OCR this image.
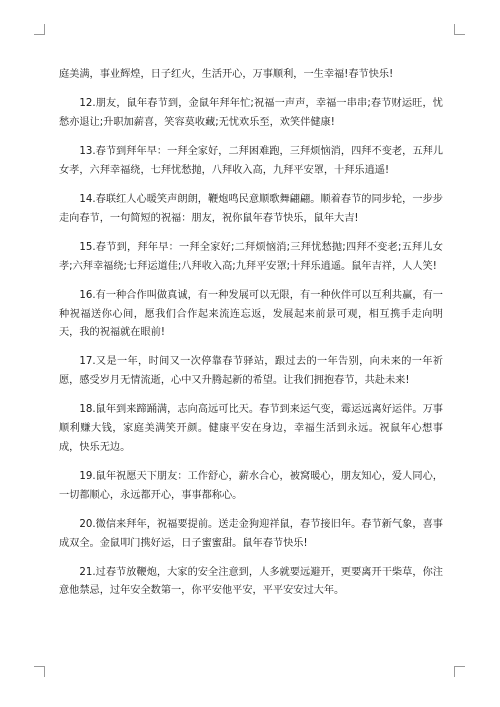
庭美满，事业辉煌，日子红火，生活开心，万事顺利，一生幸福!春节快乐!

12.朋友，鼠年春节到，金鼠年拜年忙;祝福一声声，幸福一串串;春节财运旺，忧愁亦退让;升职加薪喜，笑容莫收藏;无忧欢乐至，欢笑伴健康!

13.春节到拜年早：一拜全家好，二拜困难跑，三拜烦恼消，四拜不变老，五拜儿女孝，六拜幸福绕，七拜忧愁抛，八拜收入高，九拜平安罩，十拜乐逍遥!

14.春联红人心暖笑声朗朗，鞭炮鸣民意顺歌舞翩翩。顺着春节的同步轮，一步步走向春节，一句简短的祝福：朋友，祝你鼠年春节快乐，鼠年大吉!

15.春节到，拜年早：一拜全家好;二拜烦恼消;三拜忧愁抛;四拜不变老;五拜儿女孝;六拜幸福绕;七拜运道佳;八拜收入高;九拜平安罩;十拜乐逍遥。鼠年吉祥，人人笑!

16.有一种合作叫做真诚，有一种发展可以无限，有一种伙伴可以互利共赢，有一种祝福送你心间，愿我们合作起来流连忘返，发展起来前景可观，相互携手走向明天，我的祝福就在眼前!

17.又是一年，时间又一次停靠春节驿站，跟过去的一年告别，向未来的一年祈愿，感受岁月无情流逝，心中又升腾起新的希望。让我们拥抱春节，共赴未来!

18.鼠年到来蹄踊满，志向高远可比天。春节到来运气变，霉运远离好运伴。万事顺利赚大钱，家庭美满笑开颜。健康平安在身边，幸福生活到永远。祝鼠年心想事成，快乐无边。

19.鼠年祝愿天下朋友：工作舒心，薪水合心，被窝暖心，朋友知心，爱人同心，一切都顺心，永远都开心，事事都称心。

20.微信来拜年，祝福要提前。送走金狗迎祥鼠，春节接旧年。春节新气象，喜事成双全。金鼠叩门携好运，日子蜜蜜甜。鼠年春节快乐!

21.过春节放鞭炮，大家的安全注意到，人多就要远避开，更要离开干柴草，你注意他禁忌，过年安全数第一，你平安他平安，平平安安过大年。
